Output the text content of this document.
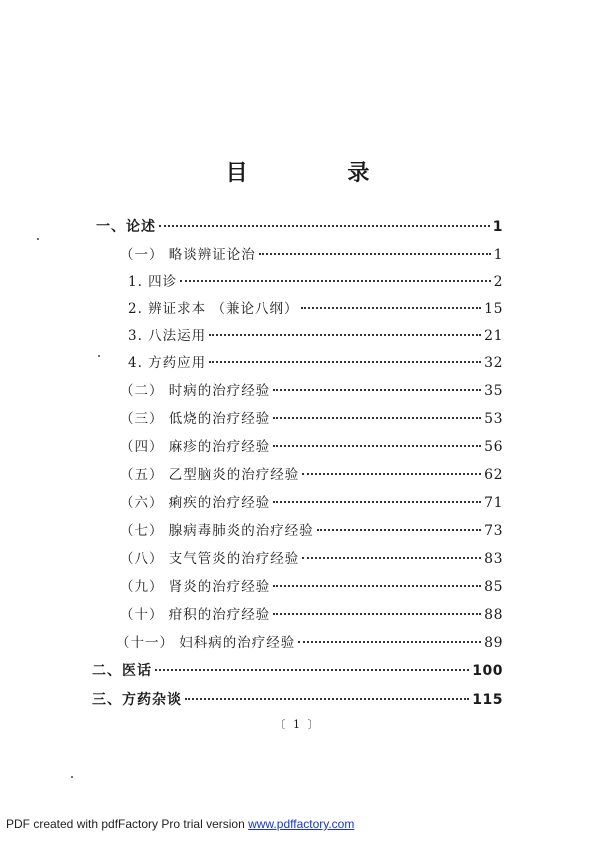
目 录
一、论述	1
（一） 略谈辨证论治	1
1. 四诊	2
2. 辨证求本 （兼论八纲）	15
3. 八法运用	21
4. 方药应用	32
（二） 时病的治疗经验	35
（三） 低烧的治疗经验	53
（四） 麻疹的治疗经验	56
（五） 乙型脑炎的治疗经验	62
（六） 痢疾的治疗经验	71
（七） 腺病毒肺炎的治疗经验	73
（八） 支气管炎的治疗经验	83
（九） 肾炎的治疗经验	85
（十） 疳积的治疗经验	88
（十一） 妇科病的治疗经验	89
二、医话	100
三、方药杂谈	115
〔 1 〕
PDF created with pdfFactory Pro trial version www.pdffactory.com
